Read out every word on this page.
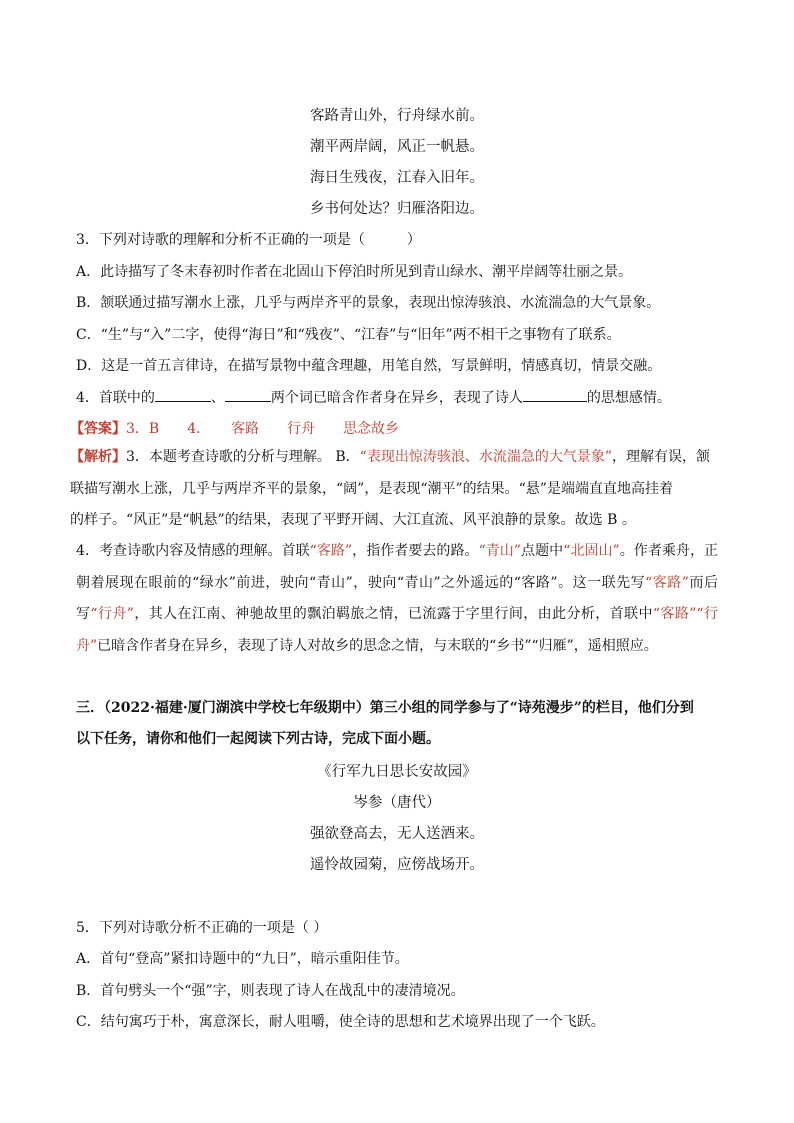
客路青山外，行舟绿水前。
潮平两岸阔，风正一帆悬。
海日生残夜，江春入旧年。
乡书何处达？归雁洛阳边。
3．下列对诗歌的理解和分析不正确的一项是（　　　）
A．此诗描写了冬末春初时作者在北固山下停泊时所见到青山绿水、潮平岸阔等壮丽之景。
B．颔联通过描写潮水上涨，几乎与两岸齐平的景象，表现出惊涛骇浪、水流湍急的大气景象。
C．“生”与“入”二字，使得“海日”和“残夜”、“江春”与“旧年”两不相干之事物有了联系。
D．这是一首五言律诗，在描写景物中蕴含理趣，用笔自然，写景鲜明，情感真切，情景交融。
4．首联中的	、	两个词已暗含作者身在异乡，表现了诗人	的思想感情。
【答案】3．B　　4．　　客路　　行舟　　思念故乡
【解析】3．本题考查诗歌的分析与理解。 B．“表现出惊涛骇浪、水流湍急的大气景象”，理解有误，颔
联描写潮水上涨，几乎与两岸齐平的景象，“阔”，是表现“潮平”的结果。“悬”是端端直直地高挂着
的样子。“风正”是“帆悬”的结果，表现了平野开阔、大江直流、风平浪静的景象。故选 B 。
4．考查诗歌内容及情感的理解。首联“客路”，指作者要去的路。“青山”点题中“北固山”。作者乘舟，正朝着展现在眼前的“绿水”前进，驶向“青山”，驶向“青山”之外遥远的“客路”。这一联先写“客路”而后写“行舟”，其人在江南、神驰故里的飘泊羁旅之情，已流露于字里行间，由此分析，首联中“客路”“行舟”已暗含作者身在异乡，表现了诗人对故乡的思念之情，与末联的“乡书”“归雁”，遥相照应。
三．（2022·福建·厦门湖滨中学校七年级期中）第三小组的同学参与了“诗苑漫步”的栏目，他们分到
以下任务，请你和他们一起阅读下列古诗，完成下面小题。
《行军九日思长安故园》
岑参（唐代）
强欲登高去，无人送酒来。
遥怜故园菊，应傍战场开。
5．下列对诗歌分析不正确的一项是（ ）
A．首句“登高”紧扣诗题中的“九日”，暗示重阳佳节。
B．首句劈头一个“强”字，则表现了诗人在战乱中的凄清境况。
C．结句寓巧于朴，寓意深长，耐人咀嚼，使全诗的思想和艺术境界出现了一个飞跃。
